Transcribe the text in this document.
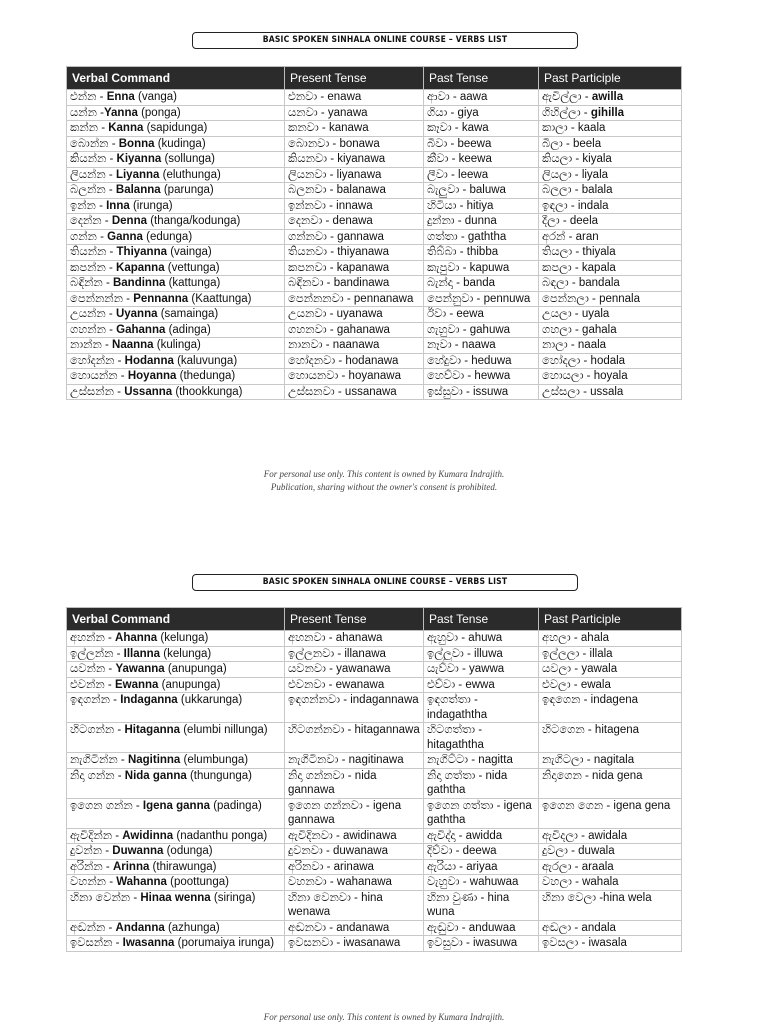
BASIC SPOKEN SINHALA ONLINE COURSE – VERBS LIST
Verbal Command	Present Tense	Past Tense	Past Participle
එන්න - Enna (vanga)	එනවා - enawa	ආවා - aawa	ඇවිල්ලා - awilla
යන්න -Yanna (ponga)	යනවා - yanawa	ගියා - giya	ගිහිල්ලා - gihilla
කන්න - Kanna (sapidunga)	කනවා - kanawa	කෑවා - kawa	කාලා - kaala
බොන්න - Bonna (kudinga)	බොනවා - bonawa	බීවා - beewa	බීලා - beela
කියන්න - Kiyanna (sollunga)	කියනවා - kiyanawa	කීවා - keewa	කියලා - kiyala
ලියන්න - Liyanna (eluthunga)	ලියනවා - liyanawa	ලීවා - leewa	ලියලා - liyala
බලන්න - Balanna (parunga)	බලනවා - balanawa	බැලුවා - baluwa	බලලා - balala
ඉන්න - Inna (irunga)	ඉන්නවා - innawa	හිටියා - hitiya	ඉඳලා - indala
දෙන්න - Denna (thanga/kodunga)	දෙනවා - denawa	දුන්නා - dunna	දීලා - deela
ගන්න - Ganna (edunga)	ගන්නවා - gannawa	ගත්තා - gaththa	අරන් - aran
තියන්න - Thiyanna (vainga)	තියනවා - thiyanawa	තිබ්බා - thibba	තියලා - thiyala
කපන්න - Kapanna (vettunga)	කපනවා - kapanawa	කැපුවා - kapuwa	කපලා - kapala
බඳින්න - Bandinna (kattunga)	බඳිනවා - bandinawa	බැන්දා - banda	බඳලා - bandala
පෙන්නන්න - Pennanna (Kaattunga)	පෙන්නනවා - pennanawa	පෙන්නුවා - pennuwa	පෙන්නලා - pennala
උයන්න - Uyanna (samainga)	උයනවා - uyanawa	ඊවා - eewa	උයලා - uyala
ගහන්න - Gahanna (adinga)	ගහනවා - gahanawa	ගැහුවා - gahuwa	ගහලා - gahala
නාන්න - Naanna (kulinga)	නානවා - naanawa	නෑවා - naawa	නාලා - naala
හෝදන්න - Hodanna (kaluvunga)	හෝදනවා - hodanawa	හේදුවා - heduwa	හෝදලා - hodala
හොයන්න - Hoyanna (thedunga)	හොයනවා - hoyanawa	හෙව්වා - hewwa	හොයලා - hoyala
උස්සන්න - Ussanna (thookkunga)	උස්සනවා - ussanawa	ඉස්සුවා - issuwa	උස්සලා - ussala
For personal use only. This content is owned by Kumara Indrajith.
Publication, sharing without the owner's consent is prohibited.
BASIC SPOKEN SINHALA ONLINE COURSE – VERBS LIST
Verbal Command	Present Tense	Past Tense	Past Participle
අහන්න - Ahanna (kelunga)	අහනවා - ahanawa	ඇහුවා - ahuwa	අහලා - ahala
ඉල්ලන්න - Illanna (kelunga)	ඉල්ලනවා - illanawa	ඉල්ලුවා - illuwa	ඉල්ලලා - illala
යවන්න - Yawanna (anupunga)	යවනවා - yawanawa	යැව්වා - yawwa	යවලා - yawala
එවන්න - Ewanna (anupunga)	එවනවා - ewanawa	එව්වා - ewwa	එවලා - ewala
ඉඳගන්න - Indaganna (ukkarunga)	ඉඳගන්නවා - indagannawa	ඉඳගත්තා - indagaththa	ඉඳගෙන - indagena
හිටගන්න - Hitaganna (elumbi nillunga)	හිටගන්නවා - hitagannawa	හිටගත්තා - hitagaththa	හිටගෙන - hitagena
නැගිටින්න - Nagitinna (elumbunga)	නැගිටිනවා - nagitinawa	නැගිට්ටා - nagitta	නැගිටලා - nagitala
නිදා ගන්න - Nida ganna (thungunga)	නිදා ගන්නවා - nida gannawa	නිදා ගත්තා - nida gaththa	නිදාගෙන - nida gena
ඉගෙන ගන්න - Igena ganna (padinga)	ඉගෙන ගන්නවා - igena gannawa	ඉගෙන ගත්තා - igena gaththa	ඉගෙන ගෙන - igena gena
ඇවිදින්න - Awidinna (nadanthu ponga)	ඇවිදිනවා - awidinawa	ඇවිද්දා - awidda	ඇවිදලා - awidala
දුවන්න - Duwanna (odunga)	දුවනවා - duwanawa	දිව්වා - deewa	දුවලා - duwala
අරින්න - Arinna (thirawunga)	අරිනවා - arinawa	ඇරියා - ariyaa	ඇරලා - araala
වහන්න - Wahanna (poottunga)	වහනවා - wahanawa	වැහුවා - wahuwaa	වහලා - wahala
හිනා වෙන්න - Hinaa wenna (siringa)	හිනා වෙනවා - hina wenawa	හිනා වුණා - hina wuna	හිනා වෙලා -hina wela
අඬන්න - Andanna (azhunga)	අඬනවා - andanawa	ඇඬුවා - anduwaa	අඬලා - andala
ඉවසන්න - Iwasanna (porumaiya irunga)	ඉවසනවා - iwasanawa	ඉවසුවා - iwasuwa	ඉවසලා - iwasala
For personal use only. This content is owned by Kumara Indrajith.
